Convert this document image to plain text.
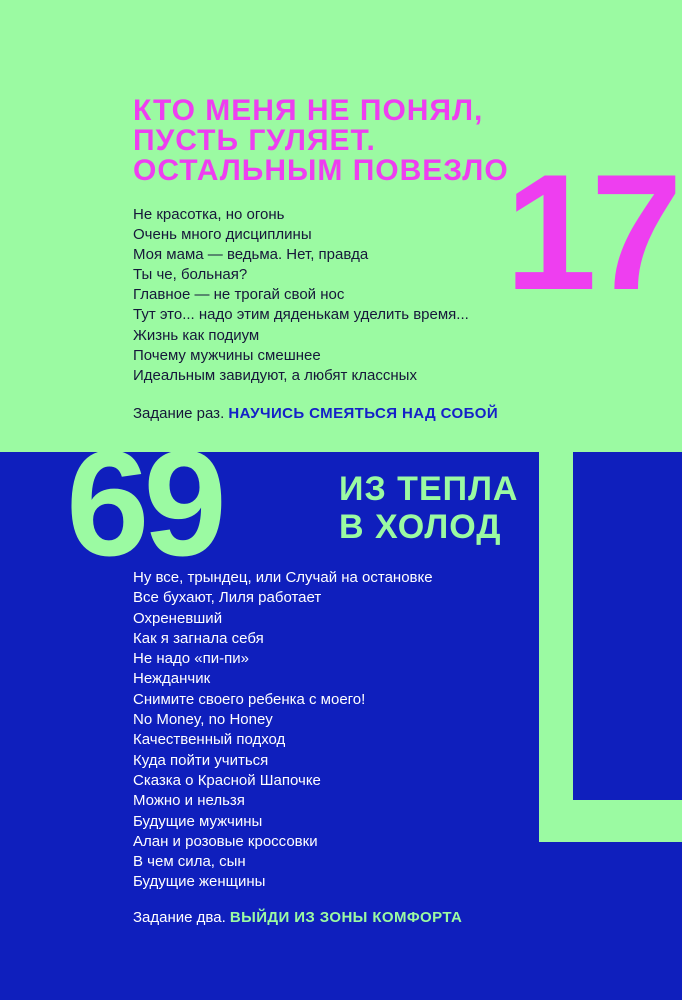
КТО МЕНЯ НЕ ПОНЯЛ,
ПУСТЬ ГУЛЯЕТ.
ОСТАЛЬНЫМ ПОВЕЗЛО
17
Не красотка, но огонь
Очень много дисциплины
Моя мама — ведьма. Нет, правда
Ты че, больная?
Главное — не трогай свой нос
Тут это... надо этим дяденькам уделить время...
Жизнь как подиум
Почему мужчины смешнее
Идеальным завидуют, а любят классных
Задание раз. НАУЧИСЬ СМЕЯТЬСЯ НАД СОБОЙ
69	ИЗ ТЕПЛА
В ХОЛОД
Ну все, трындец, или Случай на остановке
Все бухают, Лиля работает
Охреневший
Как я загнала себя
Не надо «пи-пи»
Нежданчик
Снимите своего ребенка с моего!
No Money, no Honey
Качественный подход
Куда пойти учиться
Сказка о Красной Шапочке
Можно и нельзя
Будущие мужчины
Алан и розовые кроссовки
В чем сила, сын
Будущие женщины
Задание два. ВЫЙДИ ИЗ ЗОНЫ КОМФОРТА
